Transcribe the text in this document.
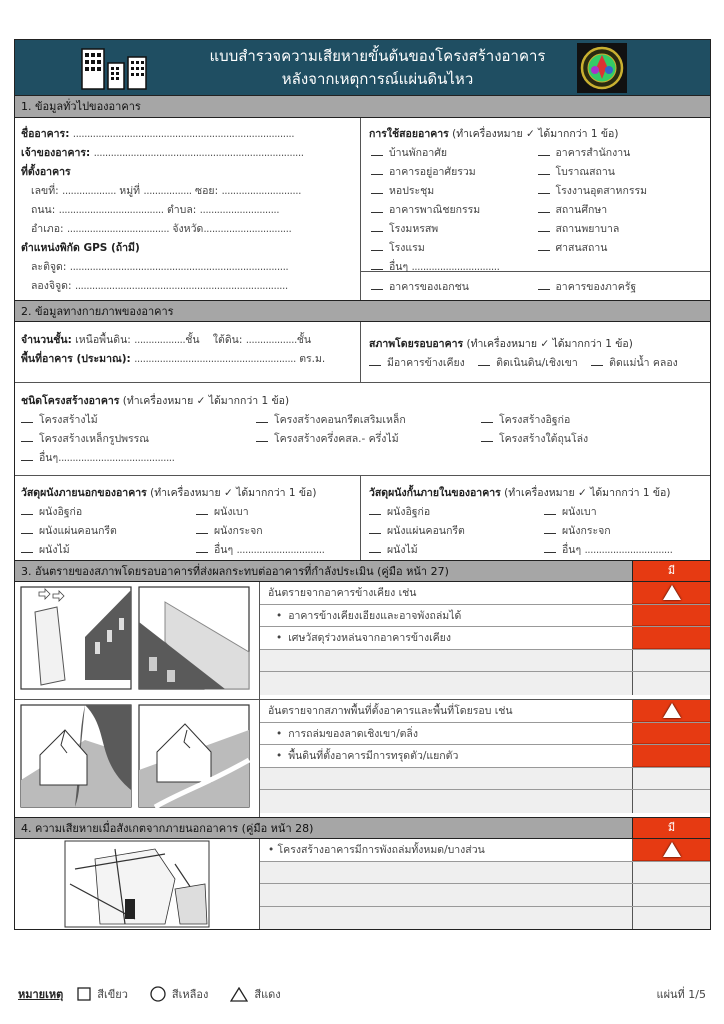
แบบสำรวจความเสียหายขั้นต้นของโครงสร้างอาคาร
หลังจากเหตุการณ์แผ่นดินไหว
1. ข้อมูลทั่วไปของอาคาร
ชื่ออาคาร: ..............................................................................
เจ้าของอาคาร: ..........................................................................
ที่ตั้งอาคาร
เลขที่: ................... หมู่ที่ ................. ซอย: ............................
ถนน: ..................................... ตำบล: ............................
อำเภอ: .................................... จังหวัด...............................
ตำแหน่งพิกัด GPS (ถ้ามี)
ละติจูด: .............................................................................
ลองจิจูด: ...........................................................................
การใช้สอยอาคาร (ทำเครื่องหมาย ✓ ได้มากกว่า 1 ข้อ)
บ้านพักอาศัย	อาคารสำนักงาน
อาคารอยู่อาศัยรวม	โบราณสถาน
หอประชุม	โรงงานอุตสาหกรรม
อาคารพาณิชยกรรม	สถานศึกษา
โรงมหรสพ	สถานพยาบาล
โรงแรม	ศาสนสถาน
อื่นๆ ...............................
อาคารของเอกชน	อาคารของภาครัฐ
2. ข้อมูลทางกายภาพของอาคาร
จำนวนชั้น: เหนือพื้นดิน: ..................ชั้น ใต้ดิน: ..................ชั้น
พื้นที่อาคาร (ประมาณ): ......................................................... ตร.ม.
สภาพโดยรอบอาคาร (ทำเครื่องหมาย ✓ ได้มากกว่า 1 ข้อ)
มีอาคารข้างเคียง	ติดเนินดิน/เชิงเขา	ติดแม่น้ำ คลอง
ชนิดโครงสร้างอาคาร (ทำเครื่องหมาย ✓ ได้มากกว่า 1 ข้อ)
โครงสร้างไม้	โครงสร้างคอนกรีตเสริมเหล็ก	โครงสร้างอิฐก่อ
โครงสร้างเหล็กรูปพรรณ	โครงสร้างครึ่งคสล.- ครึ่งไม้	โครงสร้างใต้ถุนโล่ง
อื่นๆ.........................................
วัสดุผนังภายนอกของอาคาร (ทำเครื่องหมาย ✓ ได้มากกว่า 1 ข้อ)
ผนังอิฐก่อ	ผนังเบา
ผนังแผ่นคอนกรีต	ผนังกระจก
ผนังไม้	อื่นๆ ...............................
วัสดุผนังกั้นภายในของอาคาร (ทำเครื่องหมาย ✓ ได้มากกว่า 1 ข้อ)
ผนังอิฐก่อ	ผนังเบา
ผนังแผ่นคอนกรีต	ผนังกระจก
ผนังไม้	อื่นๆ ...............................
3. อันตรายของสภาพโดยรอบอาคารที่ส่งผลกระทบต่ออาคารที่กำลังประเมิน (คู่มือ หน้า 27)	มี
อันตรายจากอาคารข้างเคียง เช่น
• อาคารข้างเคียงเอียงและอาจพังถล่มได้
• เศษวัสดุร่วงหล่นจากอาคารข้างเคียง
อันตรายจากสภาพพื้นที่ตั้งอาคารและพื้นที่โดยรอบ เช่น
• การถล่มของลาดเชิงเขา/ตลิ่ง
• พื้นดินที่ตั้งอาคารมีการทรุดตัว/แยกตัว
4. ความเสียหายเมื่อสังเกตจากภายนอกอาคาร (คู่มือ หน้า 28)	มี
• โครงสร้างอาคารมีการพังถล่มทั้งหมด/บางส่วน
หมายเหตุ	สีเขียว	สีเหลือง	สีแดง	แผ่นที่ 1/5
